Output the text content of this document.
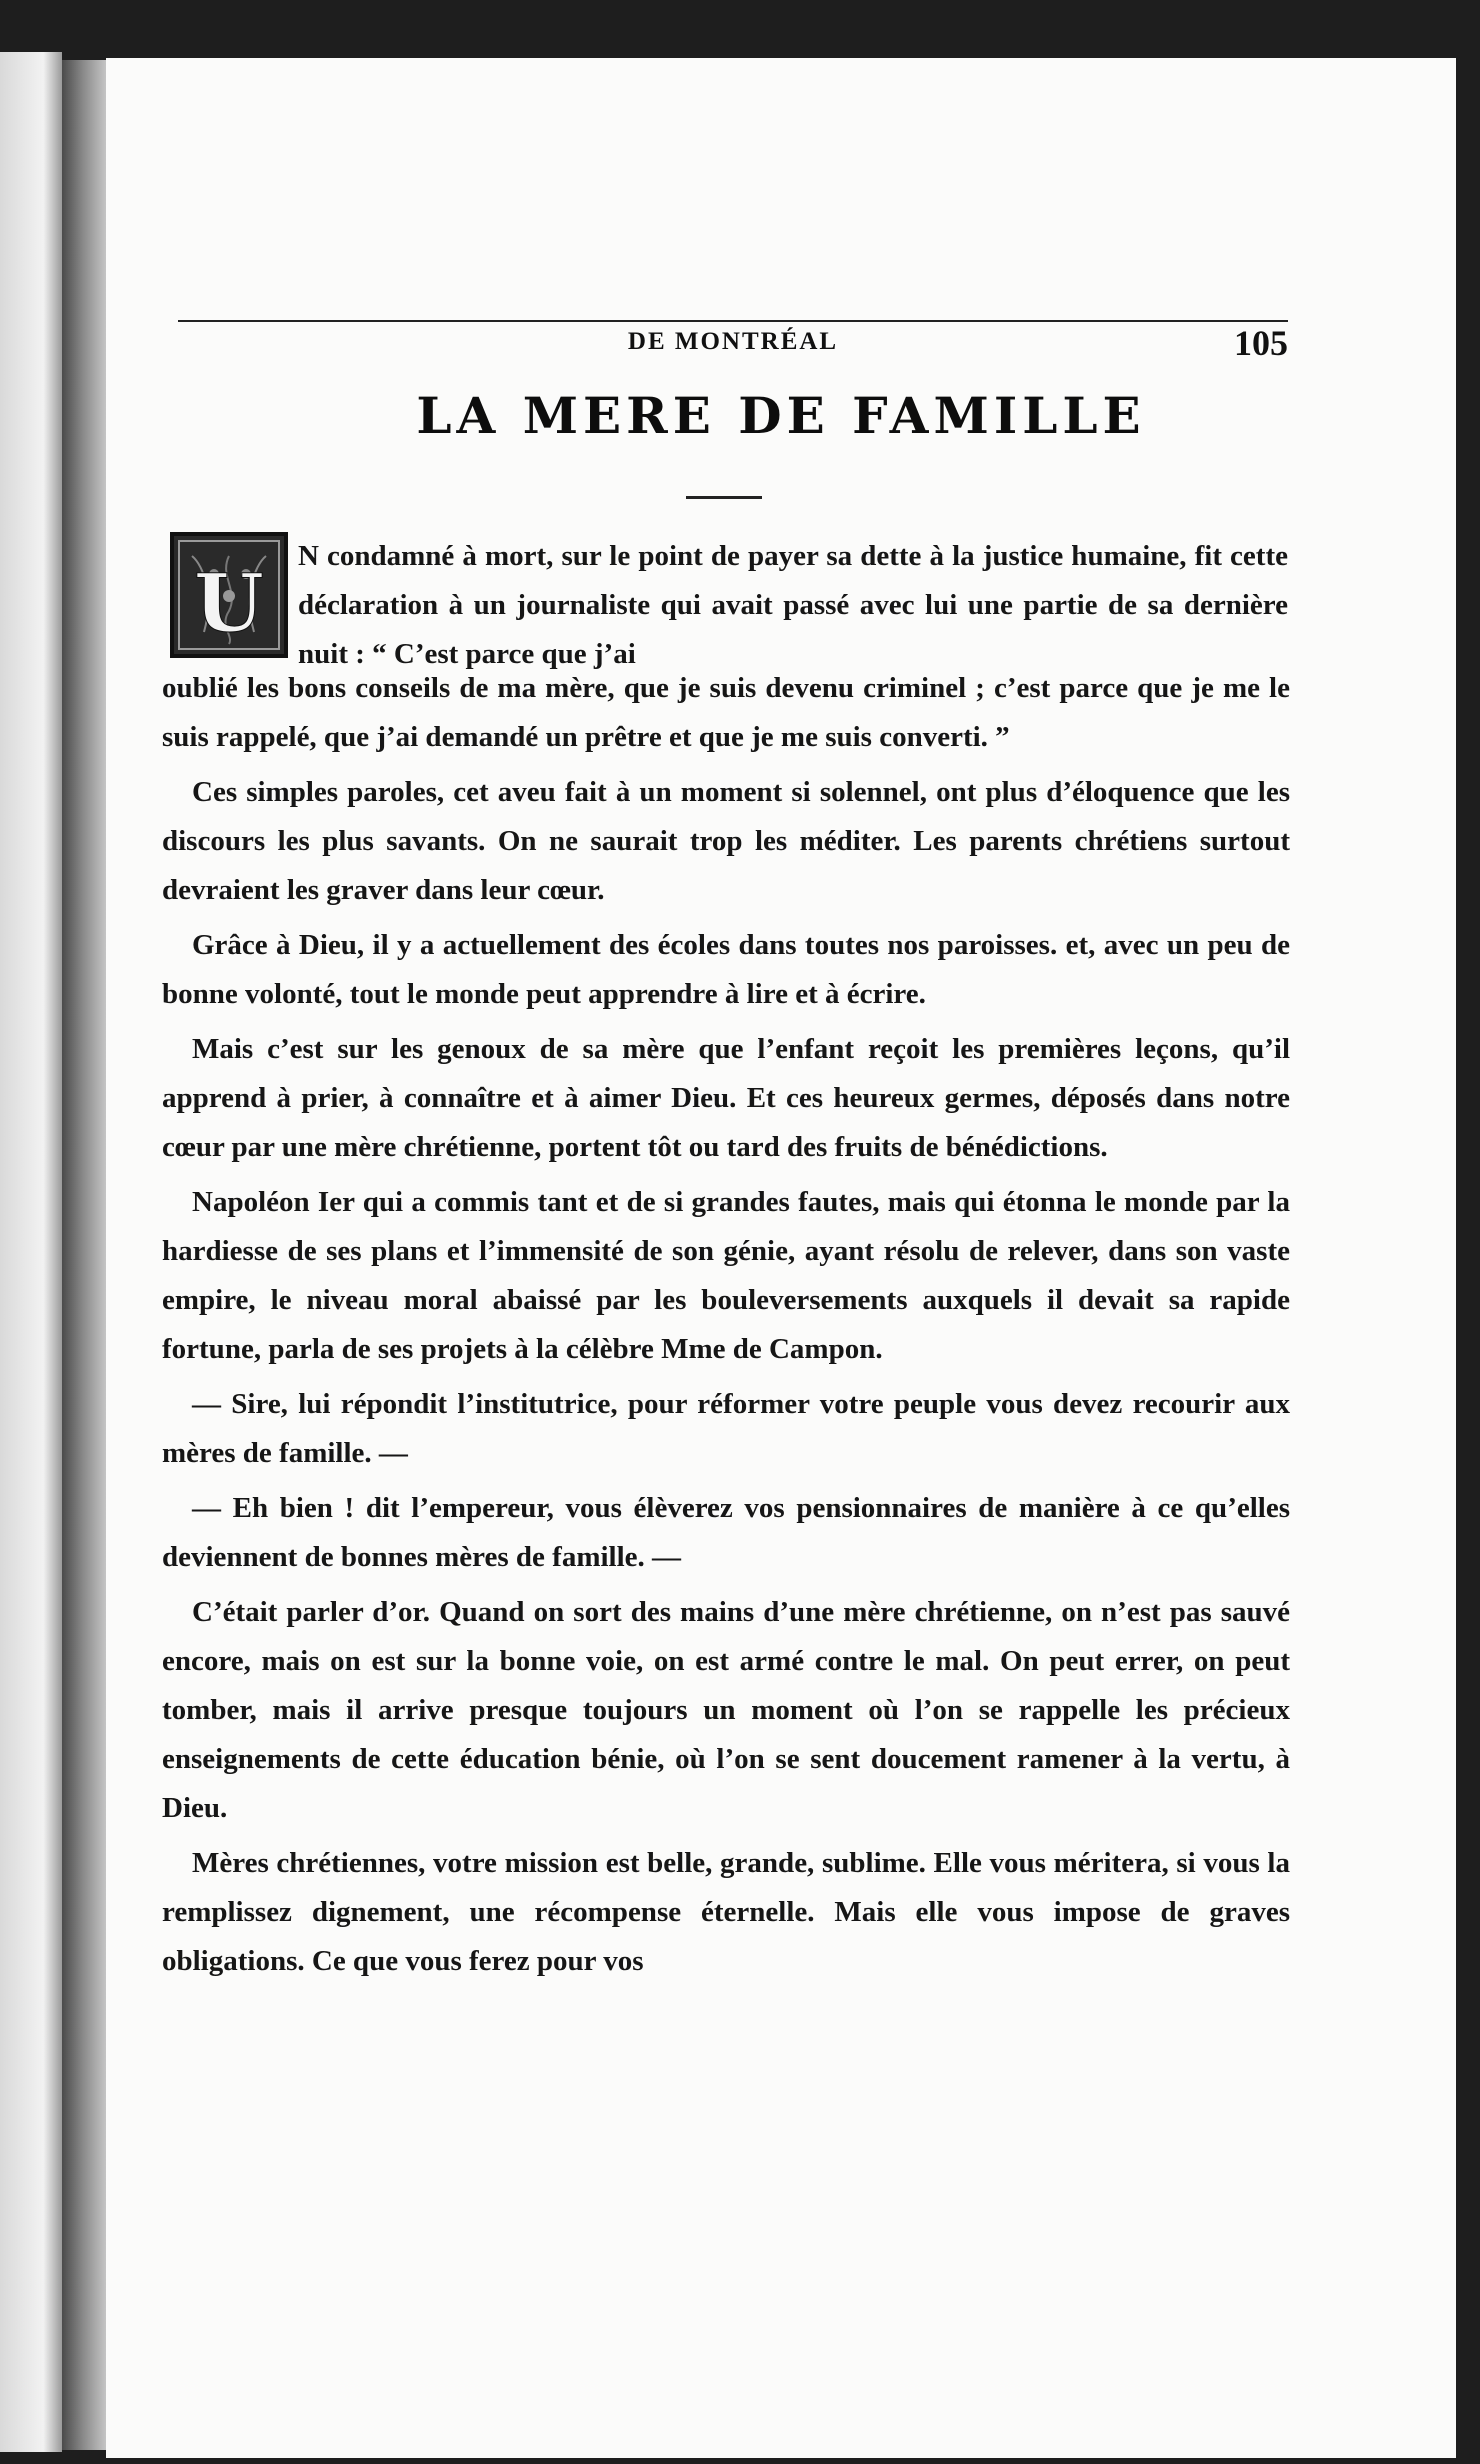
DE MONTRÉAL	105
LA MERE DE FAMILLE
U N condamné à mort, sur le point de payer sa dette à la justice humaine, fit cette déclaration à un journaliste qui avait passé avec lui une partie de sa dernière nuit : “ C’est parce que j’ai

oublié les bons conseils de ma mère, que je suis devenu criminel ; c’est parce que je me le suis rappelé, que j’ai demandé un prêtre et que je me suis converti. ”

Ces simples paroles, cet aveu fait à un moment si solennel, ont plus d’éloquence que les discours les plus savants. On ne saurait trop les méditer. Les parents chrétiens surtout devraient les graver dans leur cœur.

Grâce à Dieu, il y a actuellement des écoles dans toutes nos paroisses. et, avec un peu de bonne volonté, tout le monde peut apprendre à lire et à écrire.

Mais c’est sur les genoux de sa mère que l’enfant reçoit les premières leçons, qu’il apprend à prier, à connaître et à aimer Dieu. Et ces heureux germes, déposés dans notre cœur par une mère chrétienne, portent tôt ou tard des fruits de bénédictions.

Napoléon Ier qui a commis tant et de si grandes fautes, mais qui étonna le monde par la hardiesse de ses plans et l’immensité de son génie, ayant résolu de relever, dans son vaste empire, le niveau moral abaissé par les bouleversements auxquels il devait sa rapide fortune, parla de ses projets à la célèbre Mme de Campon.

— Sire, lui répondit l’institutrice, pour réformer votre peuple vous devez recourir aux mères de famille. —

— Eh bien ! dit l’empereur, vous élèverez vos pensionnaires de manière à ce qu’elles deviennent de bonnes mères de famille. —

C’était parler d’or. Quand on sort des mains d’une mère chrétienne, on n’est pas sauvé encore, mais on est sur la bonne voie, on est armé contre le mal. On peut errer, on peut tomber, mais il arrive presque toujours un moment où l’on se rappelle les précieux enseignements de cette éducation bénie, où l’on se sent doucement ramener à la vertu, à Dieu.

Mères chrétiennes, votre mission est belle, grande, sublime. Elle vous méritera, si vous la remplissez dignement, une récompense éternelle. Mais elle vous impose de graves obligations. Ce que vous ferez pour vos
